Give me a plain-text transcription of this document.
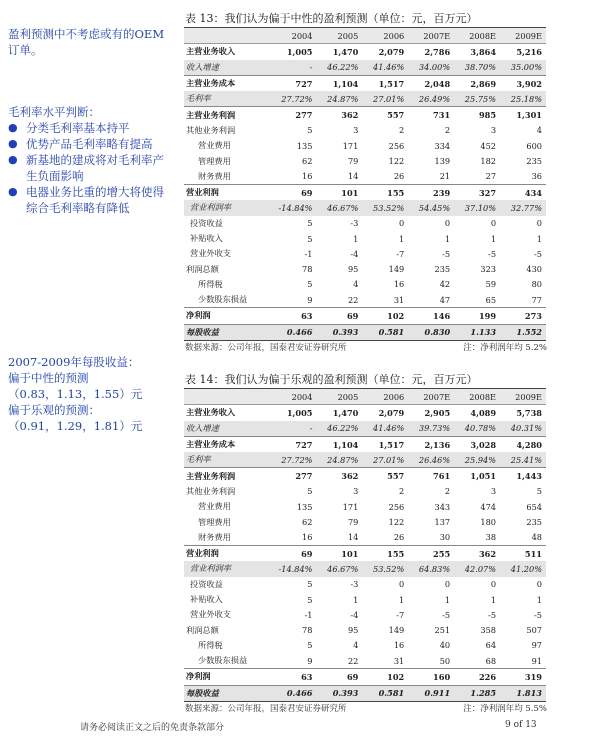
盈利预测中不考虑或有的OEM订单。
毛利率水平判断：
● 分类毛利率基本持平
● 优势产品毛利率略有提高
● 新基地的建成将对毛利率产生负面影响
● 电器业务比重的增大将使得综合毛利率略有降低
2007-2009年每股收益：
偏于中性的预测
（0.83，1.13，1.55）元
偏于乐观的预测：
（0.91，1.29，1.81）元
表 13：我们认为偏于中性的盈利预测（单位：元，百万元）
	2004	2005	2006	2007E	2008E	2009E
主营业务收入	1,005	1,470	2,079	2,786	3,864	5,216
收入增速	-	46.22%	41.46%	34.00%	38.70%	35.00%
主营业务成本	727	1,104	1,517	2,048	2,869	3,902
毛利率	27.72%	24.87%	27.01%	26.49%	25.75%	25.18%
主营业务利润	277	362	557	731	985	1,301
其他业务利润	5	3	2	2	3	4
营业费用	135	171	256	334	452	600
管理费用	62	79	122	139	182	235
财务费用	16	14	26	21	27	36
营业利润	69	101	155	239	327	434
营业利润率	-14.84%	46.67%	53.52%	54.45%	37.10%	32.77%
投资收益	5	-3	0	0	0	0
补贴收入	5	1	1	1	1	1
营业外收支	-1	-4	-7	-5	-5	-5
利润总额	78	95	149	235	323	430
所得税	5	4	16	42	59	80
少数股东损益	9	22	31	47	65	77
净利润	63	69	102	146	199	273
每股收益	0.466	0.393	0.581	0.830	1.133	1.552
数据来源：公司年报，国泰君安证券研究所	注：净利润年均 5.2%
表 14：我们认为偏于乐观的盈利预测（单位：元，百万元）
	2004	2005	2006	2007E	2008E	2009E
主营业务收入	1,005	1,470	2,079	2,905	4,089	5,738
收入增速	-	46.22%	41.46%	39.73%	40.78%	40.31%
主营业务成本	727	1,104	1,517	2,136	3,028	4,280
毛利率	27.72%	24.87%	27.01%	26.46%	25.94%	25.41%
主营业务利润	277	362	557	761	1,051	1,443
其他业务利润	5	3	2	2	3	5
营业费用	135	171	256	343	474	654
管理费用	62	79	122	137	180	235
财务费用	16	14	26	30	38	48
营业利润	69	101	155	255	362	511
营业利润率	-14.84%	46.67%	53.52%	64.83%	42.07%	41.20%
投资收益	5	-3	0	0	0	0
补贴收入	5	1	1	1	1	1
营业外收支	-1	-4	-7	-5	-5	-5
利润总额	78	95	149	251	358	507
所得税	5	4	16	40	64	97
少数股东损益	9	22	31	50	68	91
净利润	63	69	102	160	226	319
每股收益	0.466	0.393	0.581	0.911	1.285	1.813
数据来源：公司年报，国泰君安证券研究所	注：净利润年均 5.5%
请务必阅读正文之后的免责条款部分	9 of 13
